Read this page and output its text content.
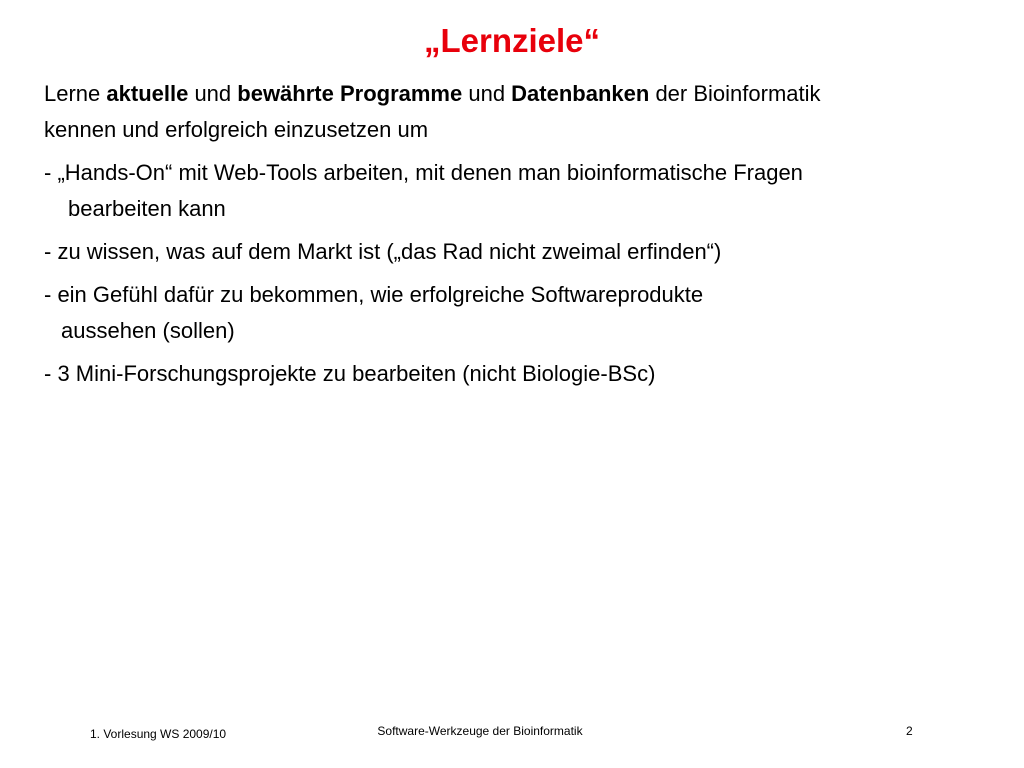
„Lernziele“
Lerne aktuelle und bewährte Programme und Datenbanken der Bioinformatik
kennen und erfolgreich einzusetzen um
- „Hands-On“ mit Web-Tools arbeiten, mit denen man bioinformatische Fragen
bearbeiten kann
- zu wissen, was auf dem Markt ist („das Rad nicht zweimal erfinden“)
- ein Gefühl dafür zu bekommen, wie erfolgreiche Softwareprodukte
aussehen (sollen)
- 3 Mini-Forschungsprojekte zu bearbeiten (nicht Biologie-BSc)
1. Vorlesung WS 2009/10	Software-Werkzeuge der Bioinformatik	2
